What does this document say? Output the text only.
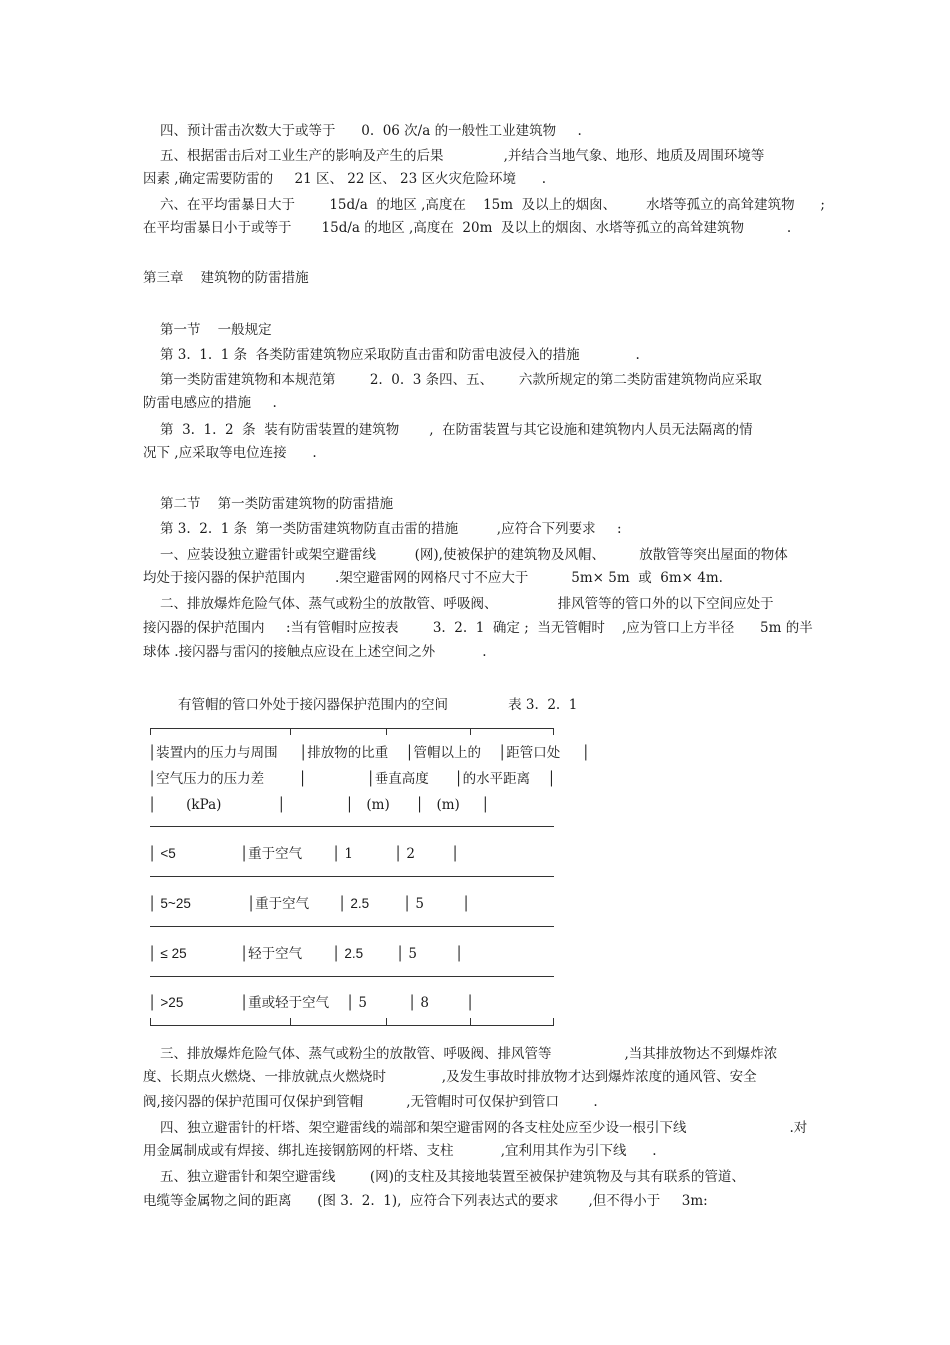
四、预计雷击次数大于或等于      0.  06 次/a 的一般性工业建筑物     .
五、根据雷击后对工业生产的影响及产生的后果              ,并结合当地气象、地形、地质及周围环境等
因素 ,确定需要防雷的     21 区、 22 区、 23 区火灾危险环境      .
六、在平均雷暴日大于        15d/a  的地区 ,高度在    15m  及以上的烟囱、       水塔等孤立的高耸建筑物      ;
在平均雷暴日小于或等于       15d/a 的地区 ,高度在  20m  及以上的烟囱、水塔等孤立的高耸建筑物          .
第三章    建筑物的防雷措施
第一节    一般规定
第 3.  1.  1 条  各类防雷建筑物应采取防直击雷和防雷电波侵入的措施             .
第一类防雷建筑物和本规范第        2.  0.  3 条四、五、      六款所规定的第二类防雷建筑物尚应采取
防雷电感应的措施     .
第  3.  1.  2  条  装有防雷装置的建筑物       ,  在防雷装置与其它设施和建筑物内人员无法隔离的情
况下 ,应采取等电位连接      .
第二节    第一类防雷建筑物的防雷措施
第 3.  2.  1 条  第一类防雷建筑物防直击雷的措施         ,应符合下列要求     :
一、应装设独立避雷针或架空避雷线         (网),使被保护的建筑物及风帽、        放散管等突出屋面的物体
均处于接闪器的保护范围内       .架空避雷网的网格尺寸不应大于          5m× 5m  或  6m× 4m.
二、排放爆炸危险气体、蒸气或粉尘的放散管、呼吸阀、              排风管等的管口外的以下空间应处于
接闪器的保护范围内     :当有管帽时应按表        3.  2.  1  确定 ;  当无管帽时    ,应为管口上方半径      5m 的半
球体 .接闪器与雷闪的接触点应设在上述空间之外           .
有管帽的管口外处于接闪器保护范围内的空间              表 3.  2.  1
│装置内的压力与周围     │排放物的比重    │管帽以上的    │距管口处     │
│空气压力的压力差        │              │垂直高度      │的水平距离    │
│       (kPa)             │              │   (m)      │   (m)     │
│ <5	│重于空气 │ 1	│ 2	│
│ 5~25	│重于空气 │ 2.5	│ 5	│
│ ≤ 25	│轻于空气 │ 2.5 │ 5	│
│ >25	│重或轻于空气 │ 5	│ 8	│
三、排放爆炸危险气体、蒸气或粉尘的放散管、呼吸阀、排风管等                 ,当其排放物达不到爆炸浓
度、长期点火燃烧、一排放就点火燃烧时             ,及发生事故时排放物才达到爆炸浓度的通风管、安全
阀,接闪器的保护范围可仅保护到管帽          ,无管帽时可仅保护到管口        .
四、独立避雷针的杆塔、架空避雷线的端部和架空避雷网的各支柱处应至少设一根引下线                        .对
用金属制成或有焊接、绑扎连接钢筋网的杆塔、支柱           ,宜利用其作为引下线      .
五、独立避雷针和架空避雷线        (网)的支柱及其接地装置至被保护建筑物及与其有联系的管道、
电缆等金属物之间的距离      (图 3.  2.  1),  应符合下列表达式的要求       ,但不得小于     3m:
